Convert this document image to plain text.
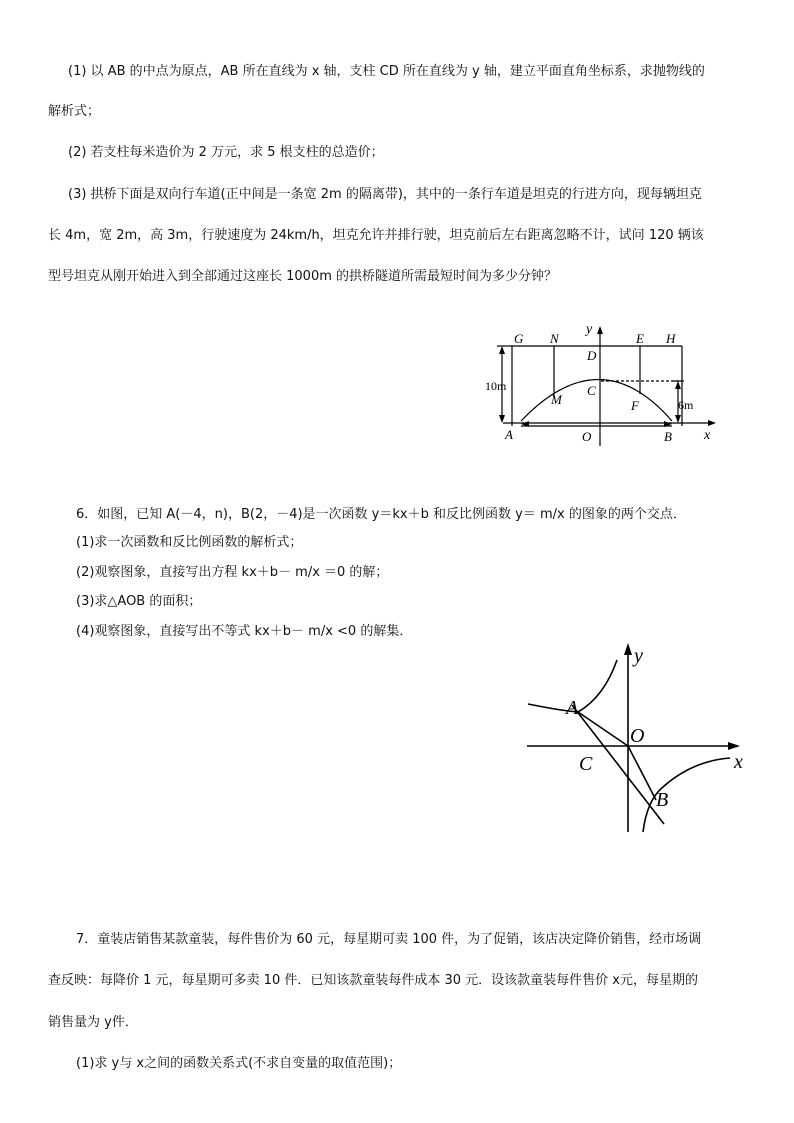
(1) 以 AB 的中点为原点，AB 所在直线为 x 轴，支柱 CD 所在直线为 y 轴，建立平面直角坐标系，求抛物线的
解析式；
(2) 若支柱每米造价为 2 万元，求 5 根支柱的总造价；
(3) 拱桥下面是双向行车道(正中间是一条宽 2m 的隔离带)，其中的一条行车道是坦克的行进方向，现每辆坦克
长 4m，宽 2m，高 3m，行驶速度为 24km/h，坦克允许并排行驶，坦克前后左右距离忽略不计，试问 120 辆该
型号坦克从刚开始进入到全部通过这座长 1000m 的拱桥隧道所需最短时间为多少分钟？
G N
y
E H
D
C
M	F
A	O	B x
10m
6m
6．如图，已知 A(－4，n)，B(2，－4)是一次函数 y＝kx＋b 和反比例函数 y＝ m/x 的图象的两个交点．
(1)求一次函数和反比例函数的解析式；
(2)观察图象，直接写出方程 kx＋b－ m/x ＝0 的解；
(3)求△AOB 的面积；
(4)观察图象，直接写出不等式 kx＋b－ m/x <0 的解集．
y
A
O
C	x
B
7．童装店销售某款童装，每件售价为 60 元，每星期可卖 100 件，为了促销，该店决定降价销售，经市场调
查反映：每降价 1 元，每星期可多卖 10 件．已知该款童装每件成本 30 元．设该款童装每件售价 x元，每星期的
销售量为 y件．
(1)求 y与 x之间的函数关系式(不求自变量的取值范围)；
